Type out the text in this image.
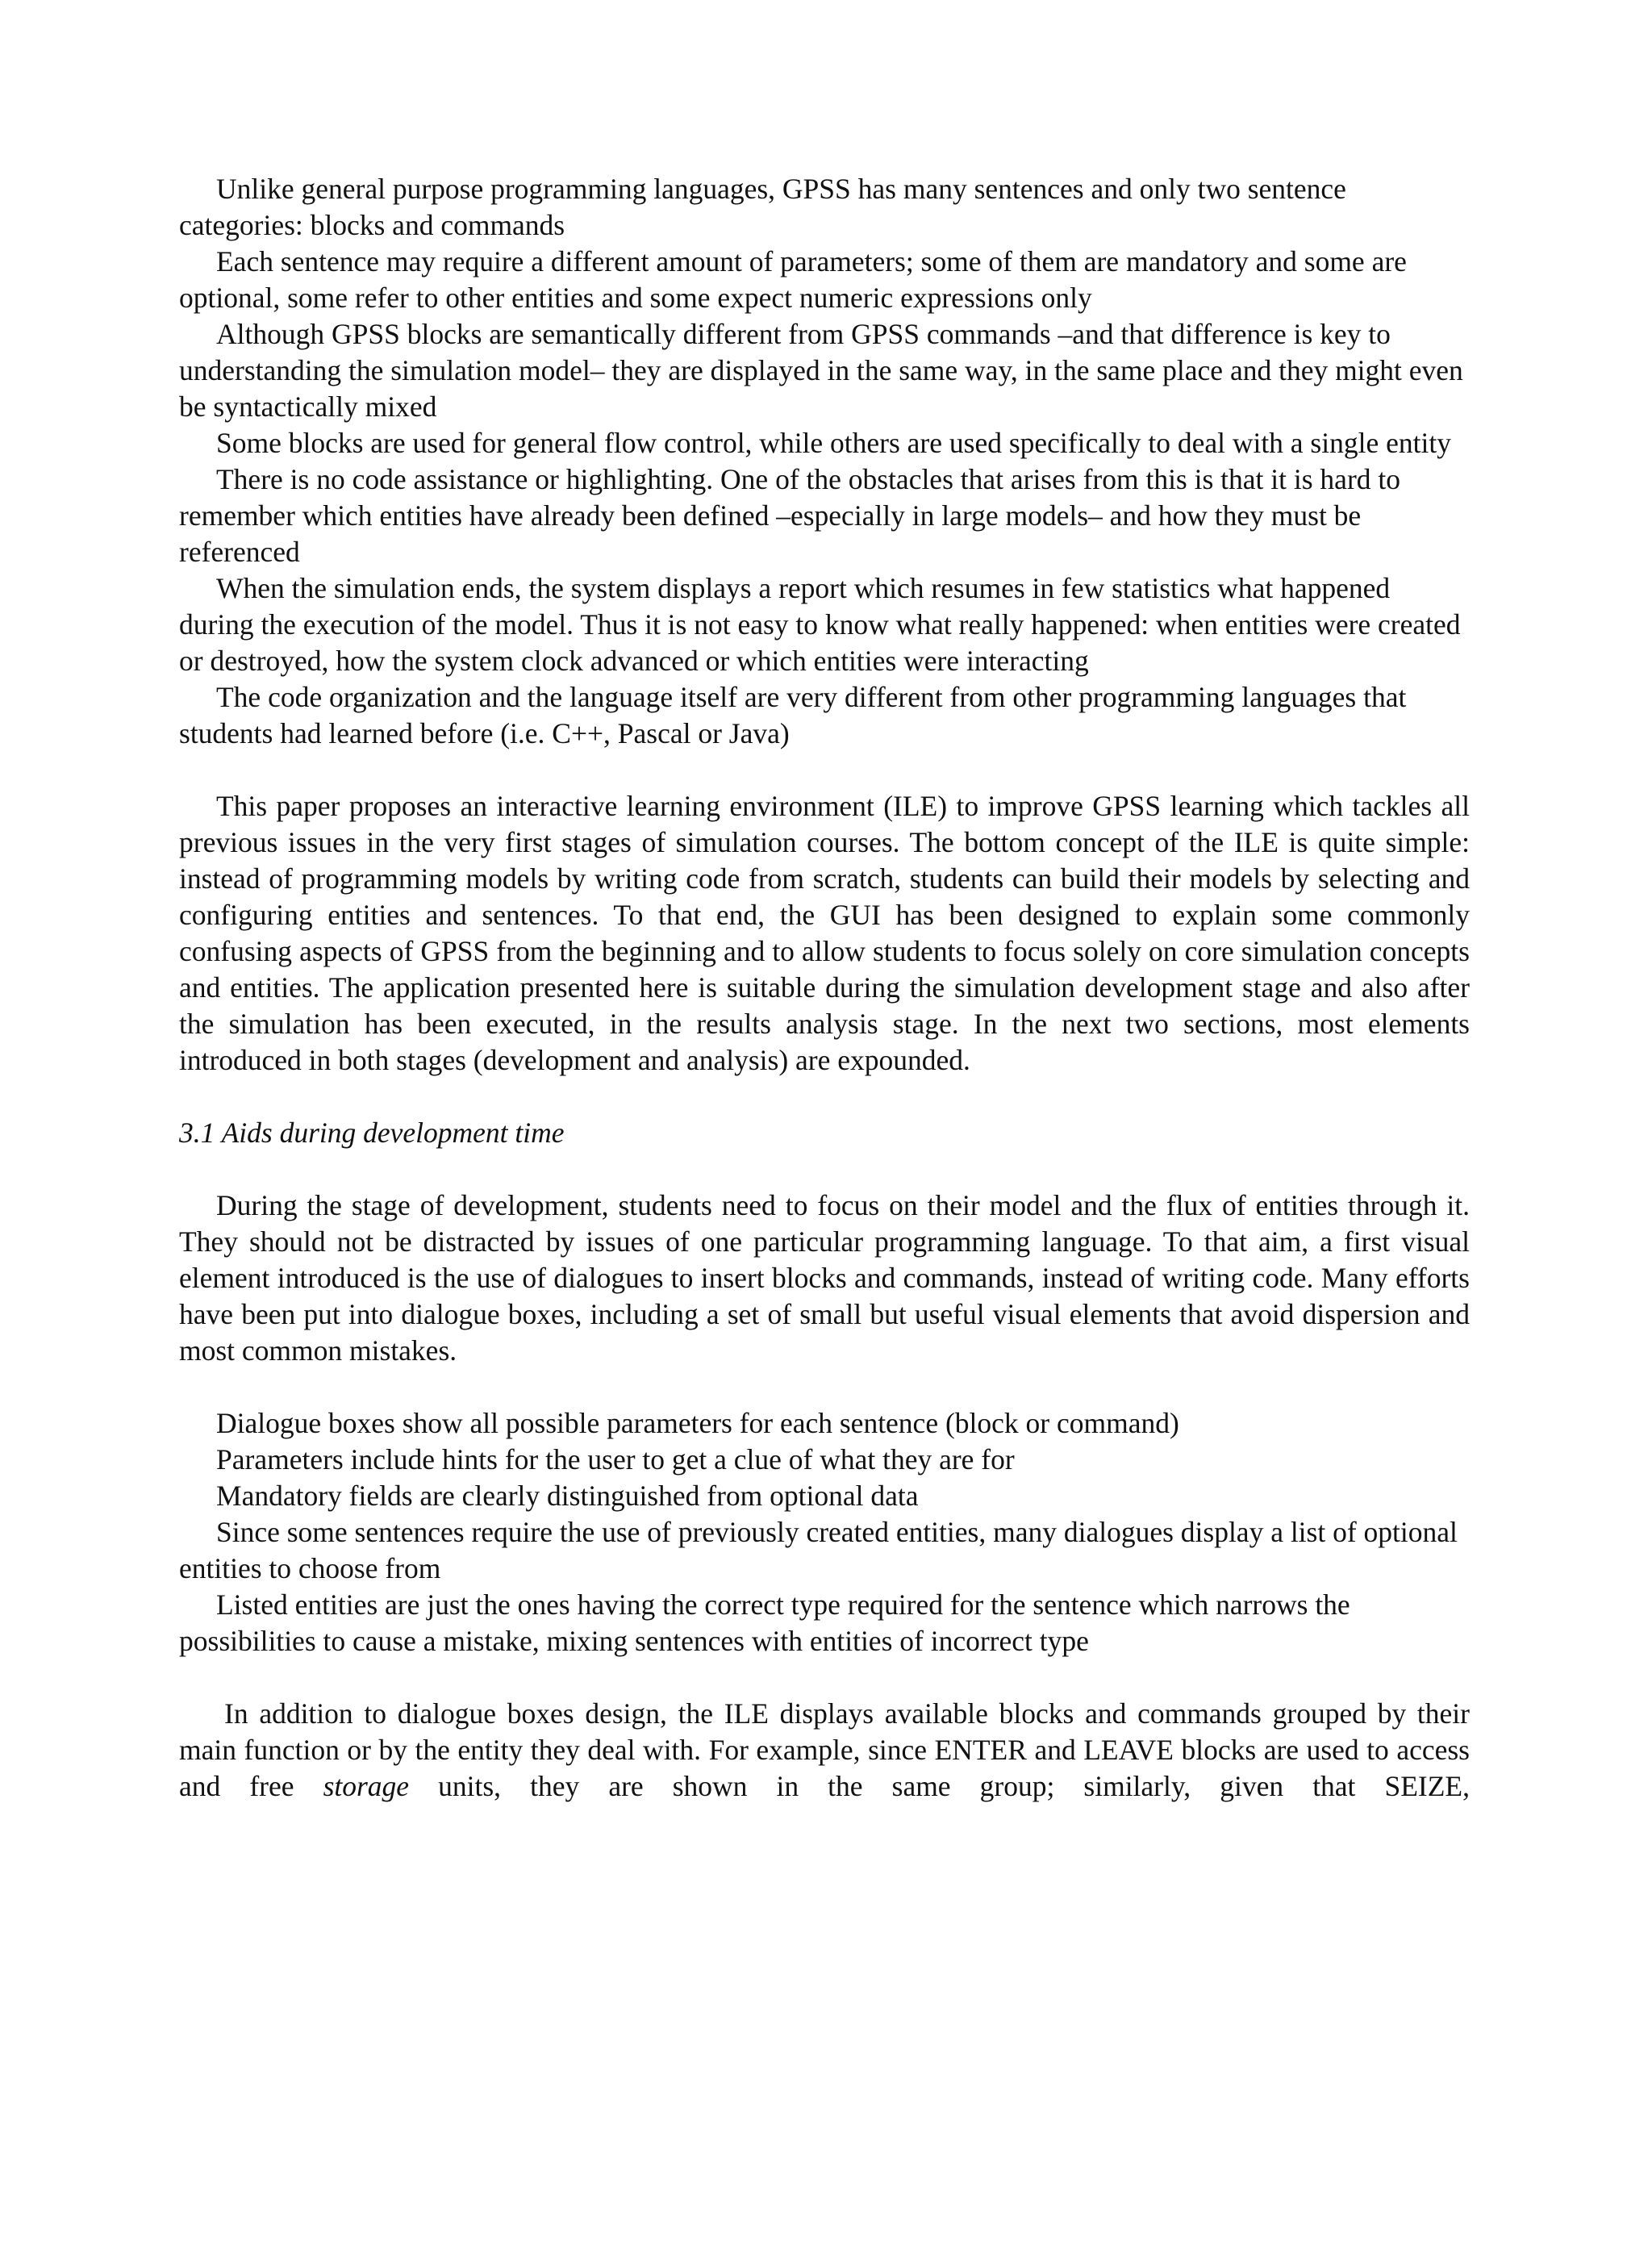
Unlike general purpose programming languages, GPSS has many sentences and only two sentence categories: blocks and commands

Each sentence may require a different amount of parameters; some of them are mandatory and some are optional, some refer to other entities and some expect numeric expressions only

Although GPSS blocks are semantically different from GPSS commands –and that difference is key to understanding the simulation model– they are displayed in the same way, in the same place and they might even be syntactically mixed

Some blocks are used for general flow control, while others are used specifically to deal with a single entity

There is no code assistance or highlighting. One of the obstacles that arises from this is that it is hard to remember which entities have already been defined –especially in large models– and how they must be referenced

When the simulation ends, the system displays a report which resumes in few statistics what happened during the execution of the model. Thus it is not easy to know what really happened: when entities were created or destroyed, how the system clock advanced or which entities were interacting

The code organization and the language itself are very different from other programming languages that students had learned before (i.e. C++, Pascal or Java)

This paper proposes an interactive learning environment (ILE) to improve GPSS learning which tackles all previous issues in the very first stages of simulation courses. The bottom concept of the ILE is quite simple: instead of programming models by writing code from scratch, students can build their models by selecting and configuring entities and sentences. To that end, the GUI has been designed to explain some commonly confusing aspects of GPSS from the beginning and to allow students to focus solely on core simulation concepts and entities. The application presented here is suitable during the simulation development stage and also after the simulation has been executed, in the results analysis stage. In the next two sections, most elements introduced in both stages (development and analysis) are expounded.

3.1 Aids during development time

During the stage of development, students need to focus on their model and the flux of entities through it. They should not be distracted by issues of one particular programming language. To that aim, a first visual element introduced is the use of dialogues to insert blocks and commands, instead of writing code. Many efforts have been put into dialogue boxes, including a set of small but useful visual elements that avoid dispersion and most common mistakes.

Dialogue boxes show all possible parameters for each sentence (block or command)

Parameters include hints for the user to get a clue of what they are for

Mandatory fields are clearly distinguished from optional data

Since some sentences require the use of previously created entities, many dialogues display a list of optional entities to choose from

Listed entities are just the ones having the correct type required for the sentence which narrows the possibilities to cause a mistake, mixing sentences with entities of incorrect type

In addition to dialogue boxes design, the ILE displays available blocks and commands grouped by their main function or by the entity they deal with. For example, since ENTER and LEAVE blocks are used to access and free storage units, they are shown in the same group; similarly, given that SEIZE,
